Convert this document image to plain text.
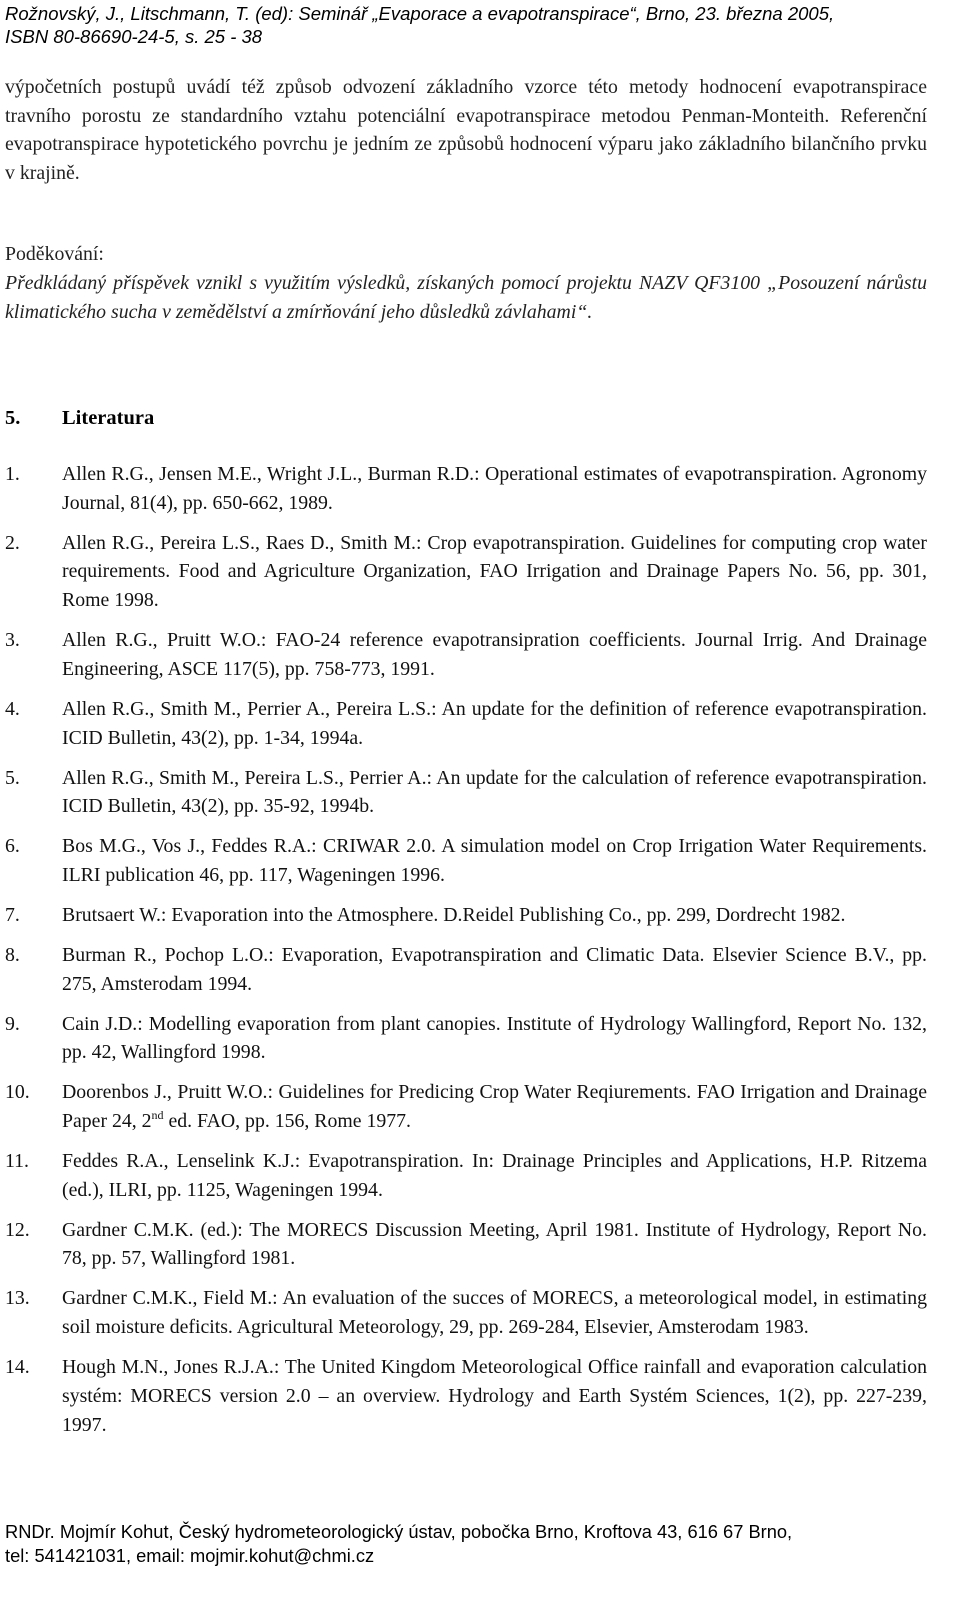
Rožnovský, J., Litschmann, T. (ed): Seminář „Evaporace a evapotranspirace“, Brno, 23. března 2005,
ISBN 80-86690-24-5, s. 25 - 38
výpočetních postupů uvádí též způsob odvození základního vzorce této metody hodnocení evapotranspirace travního porostu ze standardního vztahu potenciální evapotranspirace metodou Penman-Monteith. Referenční evapotranspirace hypotetického povrchu je jedním ze způsobů hodnocení výparu jako základního bilančního prvku v krajině.
Poděkování:
Předkládaný příspěvek vznikl s využitím výsledků, získaných pomocí projektu NAZV QF3100 „Posouzení nárůstu klimatického sucha v zemědělství a zmírňování jeho důsledků závlahami“.
5. Literatura
1. Allen R.G., Jensen M.E., Wright J.L., Burman R.D.: Operational estimates of evapotranspiration. Agronomy Journal, 81(4), pp. 650-662, 1989.
2. Allen R.G., Pereira L.S., Raes D., Smith M.: Crop evapotranspiration. Guidelines for computing crop water requirements. Food and Agriculture Organization, FAO Irrigation and Drainage Papers No. 56, pp. 301, Rome 1998.
3. Allen R.G., Pruitt W.O.: FAO-24 reference evapotransipration coefficients. Journal Irrig. And Drainage Engineering, ASCE 117(5), pp. 758-773, 1991.
4. Allen R.G., Smith M., Perrier A., Pereira L.S.: An update for the definition of reference evapotranspiration. ICID Bulletin, 43(2), pp. 1-34, 1994a.
5. Allen R.G., Smith M., Pereira L.S., Perrier A.: An update for the calculation of reference evapotranspiration. ICID Bulletin, 43(2), pp. 35-92, 1994b.
6. Bos M.G., Vos J., Feddes R.A.: CRIWAR 2.0. A simulation model on Crop Irrigation Water Requirements. ILRI publication 46, pp. 117, Wageningen 1996.
7. Brutsaert W.: Evaporation into the Atmosphere. D.Reidel Publishing Co., pp. 299, Dordrecht 1982.
8. Burman R., Pochop L.O.: Evaporation, Evapotranspiration and Climatic Data. Elsevier Science B.V., pp. 275, Amsterodam 1994.
9. Cain J.D.: Modelling evaporation from plant canopies. Institute of Hydrology Wallingford, Report No. 132, pp. 42, Wallingford 1998.
10. Doorenbos J., Pruitt W.O.: Guidelines for Predicing Crop Water Reqiurements. FAO Irrigation and Drainage Paper 24, 2nd ed. FAO, pp. 156, Rome 1977.
11. Feddes R.A., Lenselink K.J.: Evapotranspiration. In: Drainage Principles and Applications, H.P. Ritzema (ed.), ILRI, pp. 1125, Wageningen 1994.
12. Gardner C.M.K. (ed.): The MORECS Discussion Meeting, April 1981. Institute of Hydrology, Report No. 78, pp. 57, Wallingford 1981.
13. Gardner C.M.K., Field M.: An evaluation of the succes of MORECS, a meteorological model, in estimating soil moisture deficits. Agricultural Meteorology, 29, pp. 269-284, Elsevier, Amsterodam 1983.
14. Hough M.N., Jones R.J.A.: The United Kingdom Meteorological Office rainfall and evaporation calculation systém: MORECS version 2.0 – an overview. Hydrology and Earth Systém Sciences, 1(2), pp. 227-239, 1997.
RNDr. Mojmír Kohut, Český hydrometeorologický ústav, pobočka Brno, Kroftova 43, 616 67 Brno,
tel: 541421031, email: mojmir.kohut@chmi.cz
